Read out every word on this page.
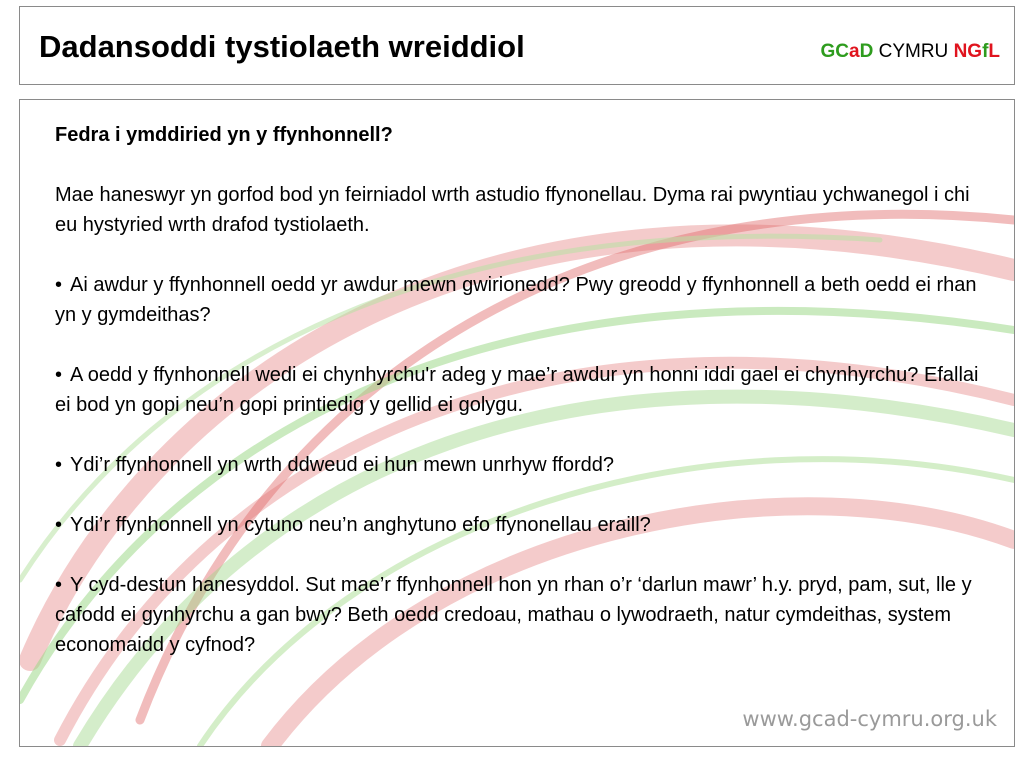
Dadansoddi tystiolaeth wreiddiol	GCaD CYMRU NGfL

Fedra i ymddiried yn y ffynhonnell?

Mae haneswyr yn gorfod bod yn feirniadol wrth astudio ffynonellau. Dyma rai pwyntiau ychwanegol i chi eu hystyried wrth drafod tystiolaeth.

• Ai awdur y ffynhonnell oedd yr awdur mewn gwirionedd? Pwy greodd y ffynhonnell a beth oedd ei rhan yn y gymdeithas?

• A oedd y ffynhonnell wedi ei chynhyrchu'r adeg y mae’r awdur yn honni iddi gael ei chynhyrchu? Efallai ei bod yn gopi neu’n gopi printiedig y gellid ei golygu.

• Ydi’r ffynhonnell yn wrth ddweud ei hun mewn unrhyw ffordd?

• Ydi’r ffynhonnell yn cytuno neu’n anghytuno efo ffynonellau eraill?

• Y cyd-destun hanesyddol. Sut mae’r ffynhonnell hon yn rhan o’r ‘darlun mawr’ h.y. pryd, pam, sut, lle y cafodd ei gynhyrchu a gan bwy? Beth oedd credoau, mathau o lywodraeth, natur cymdeithas, system economaidd y cyfnod?

www.gcad-cymru.org.uk
